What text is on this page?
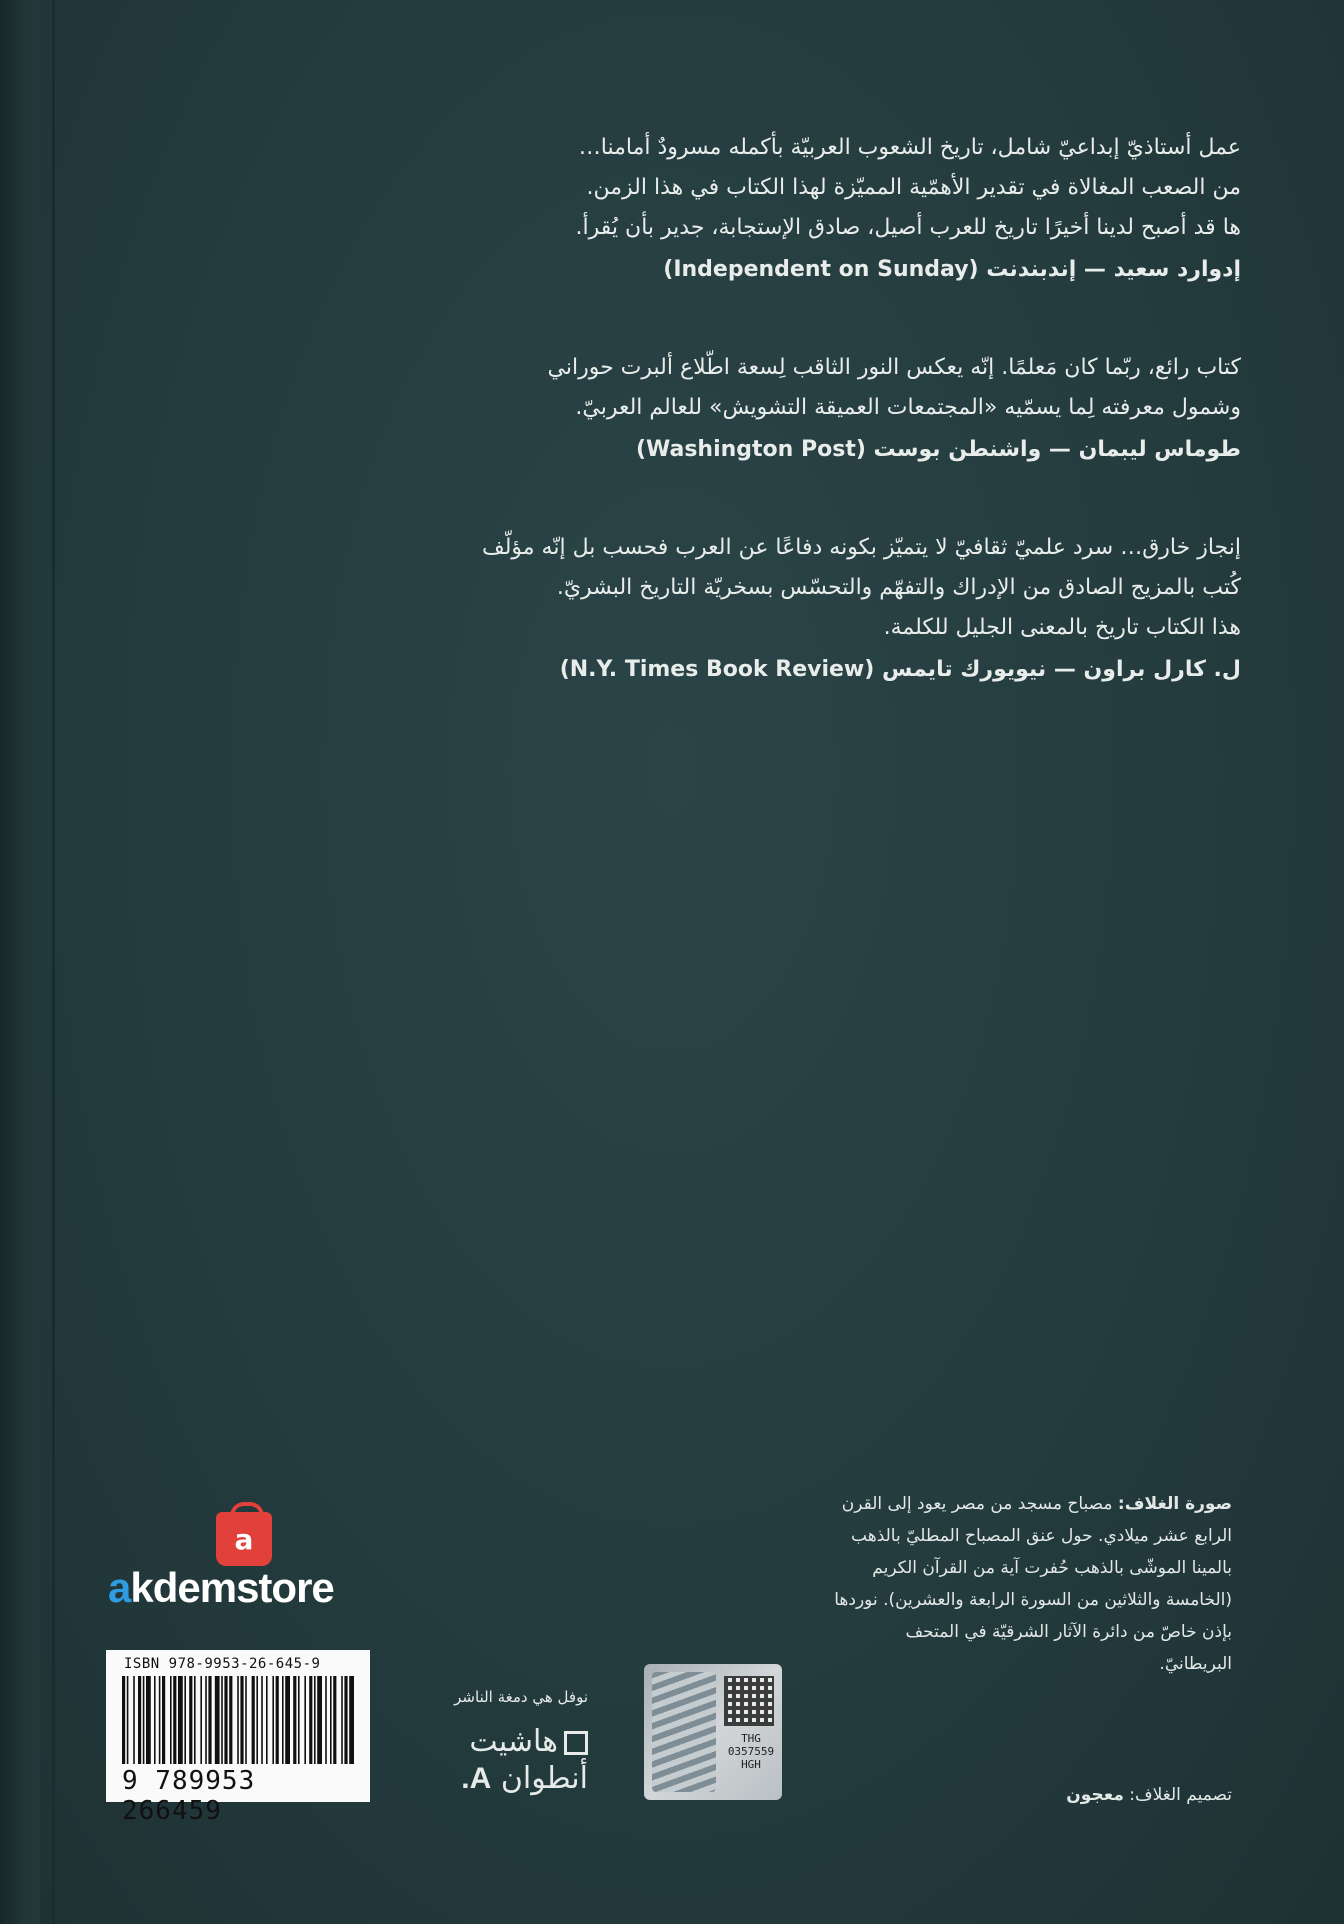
عمل أستاذيّ إبداعيّ شامل، تاريخ الشعوب العربيّة بأكمله مسرودٌ أمامنا…

من الصعب المغالاة في تقدير الأهمّية المميّزة لهذا الكتاب في هذا الزمن.

ها قد أصبح لدينا أخيرًا تاريخ للعرب أصيل، صادق الإستجابة، جدير بأن يُقرأ.

إدوارد سعيد — إندبندنت (Independent on Sunday)

كتاب رائع، ربّما كان مَعلمًا. إنّه يعكس النور الثاقب لِسعة اطّلاع ألبرت حوراني

وشمول معرفته لِما يسمّيه «المجتمعات العميقة التشويش» للعالم العربيّ.

طوماس ليبمان — واشنطن بوست (Washington Post)

إنجاز خارق… سرد علميّ ثقافيّ لا يتميّز بكونه دفاعًا عن العرب فحسب بل إنّه مؤلّف

كُتب بالمزيج الصادق من الإدراك والتفهّم والتحسّس بسخريّة التاريخ البشريّ.

هذا الكتاب تاريخ بالمعنى الجليل للكلمة.

ل. كارل براون — نيويورك تايمس (N.Y. Times Book Review)
صورة الغلاف: مصباح مسجد من مصر يعود إلى القرن الرابع عشر ميلادي. حول عنق المصباح المطليّ بالذهب بالمينا الموشّى بالذهب حُفرت آية من القرآن الكريم (الخامسة والثلاثين من السورة الرابعة والعشرين). نوردها بإذن خاصّ من دائرة الآثار الشرقيّة في المتحف البريطانيّ.
تصميم الغلاف: معجون
a
akdemstore
ISBN 978-9953-26-645-9
9 789953 266459
نوفل هي دمغة الناشر
هاشيت
أنطوان A.
THG
0357559
HGH
